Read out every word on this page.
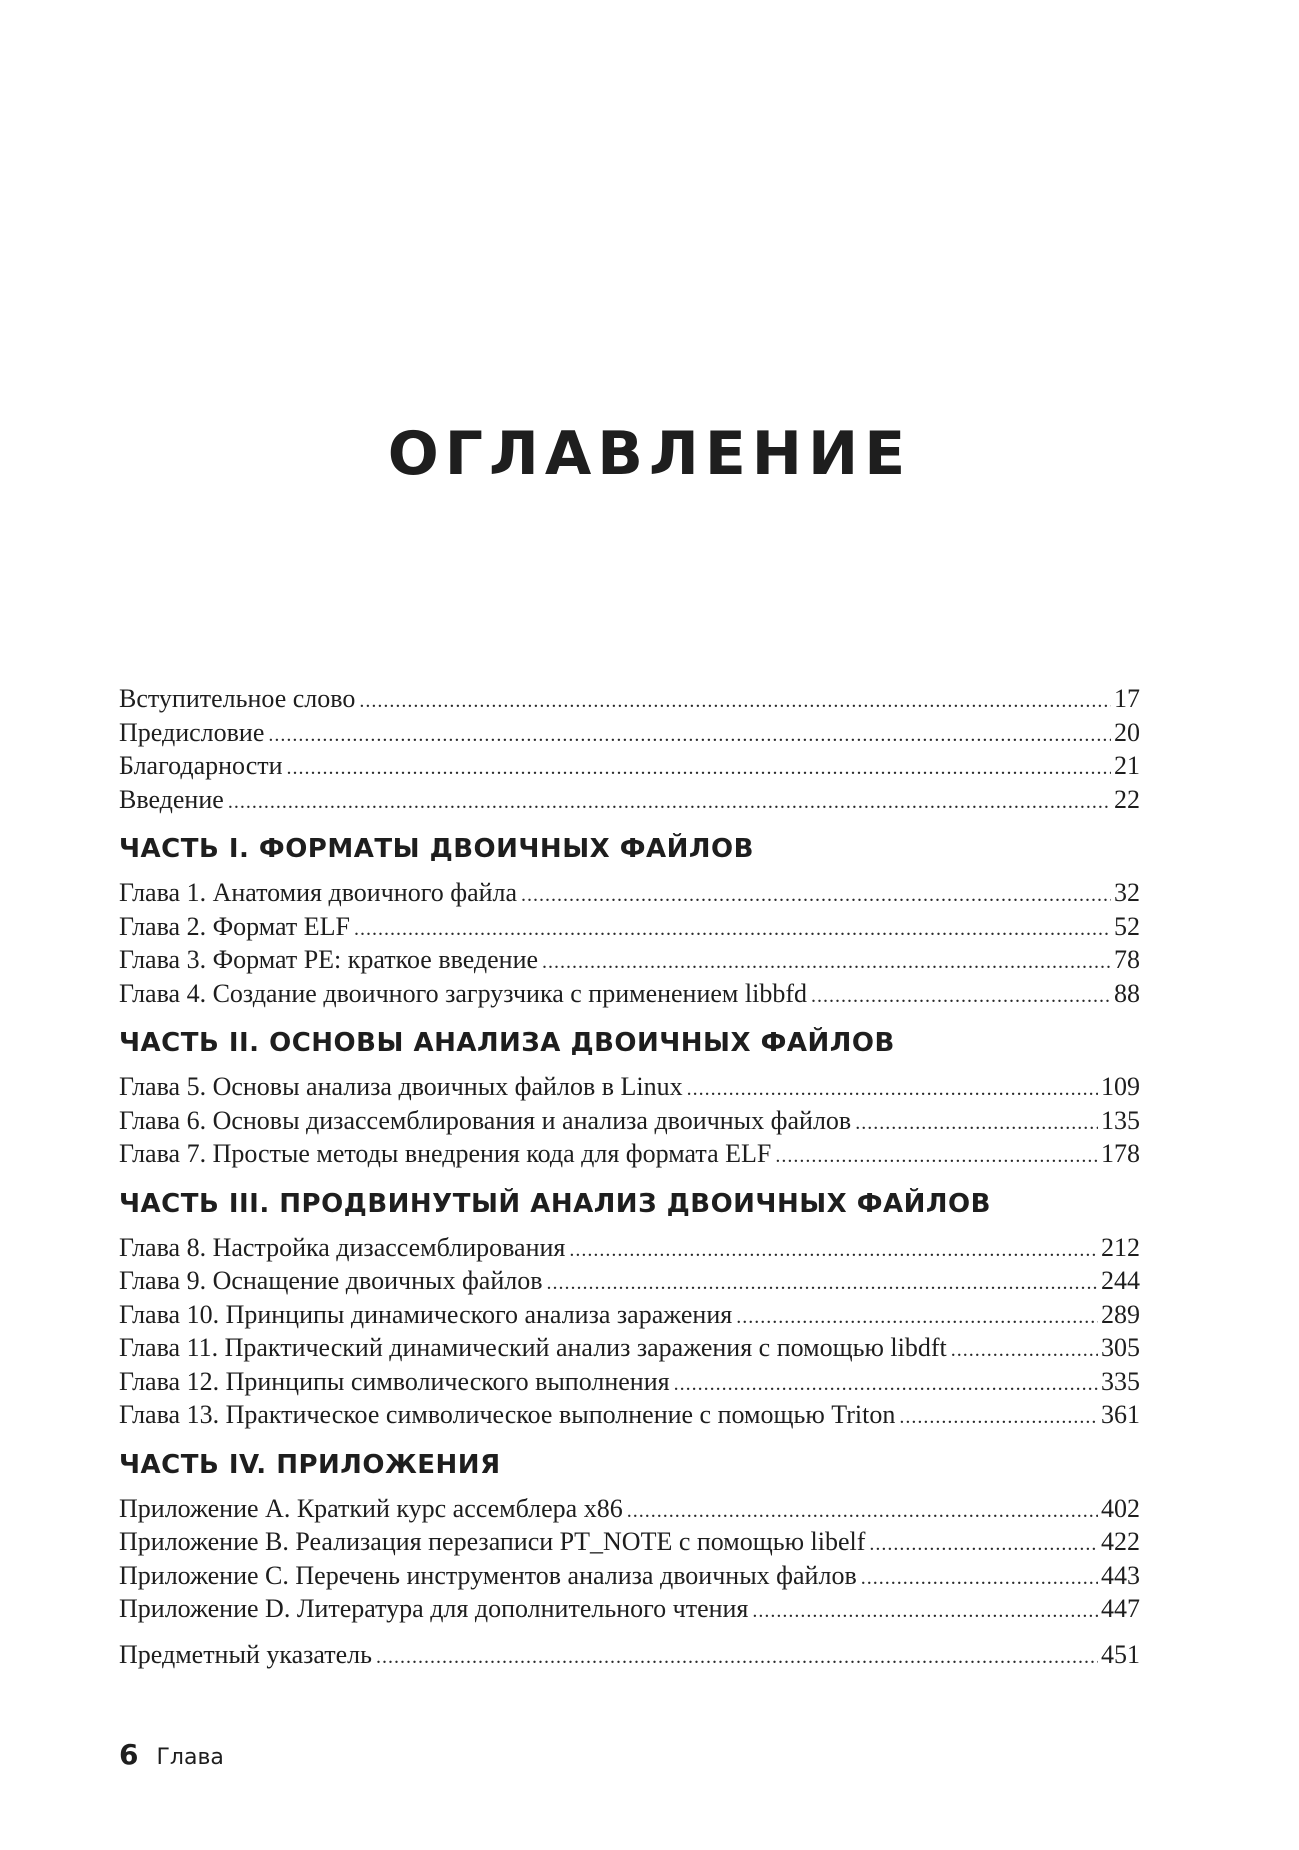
ОГЛАВЛЕНИЕ
Вступительное слово .....	17
Предисловие .....	20
Благодарности .....	21
Введение .....	22
ЧАСТЬ I. ФОРМАТЫ ДВОИЧНЫХ ФАЙЛОВ
Глава 1. Анатомия двоичного файла .....	32
Глава 2. Формат ELF .....	52
Глава 3. Формат PE: краткое введение .....	78
Глава 4. Создание двоичного загрузчика с применением libbfd .....	88
ЧАСТЬ II. ОСНОВЫ АНАЛИЗА ДВОИЧНЫХ ФАЙЛОВ
Глава 5. Основы анализа двоичных файлов в Linux .....	109
Глава 6. Основы дизассемблирования и анализа двоичных файлов .....	135
Глава 7. Простые методы внедрения кода для формата ELF .....	178
ЧАСТЬ III. ПРОДВИНУТЫЙ АНАЛИЗ ДВОИЧНЫХ ФАЙЛОВ
Глава 8. Настройка дизассемблирования .....	212
Глава 9. Оснащение двоичных файлов .....	244
Глава 10. Принципы динамического анализа заражения .....	289
Глава 11. Практический динамический анализ заражения с помощью libdft .....	305
Глава 12. Принципы символического выполнения .....	335
Глава 13. Практическое символическое выполнение с помощью Triton .....	361
ЧАСТЬ IV. ПРИЛОЖЕНИЯ
Приложение A. Краткий курс ассемблера x86 .....	402
Приложение B. Реализация перезаписи PT_NOTE с помощью libelf .....	422
Приложение C. Перечень инструментов анализа двоичных файлов .....	443
Приложение D. Литература для дополнительного чтения .....	447
Предметный указатель .....	451
6 Глава
